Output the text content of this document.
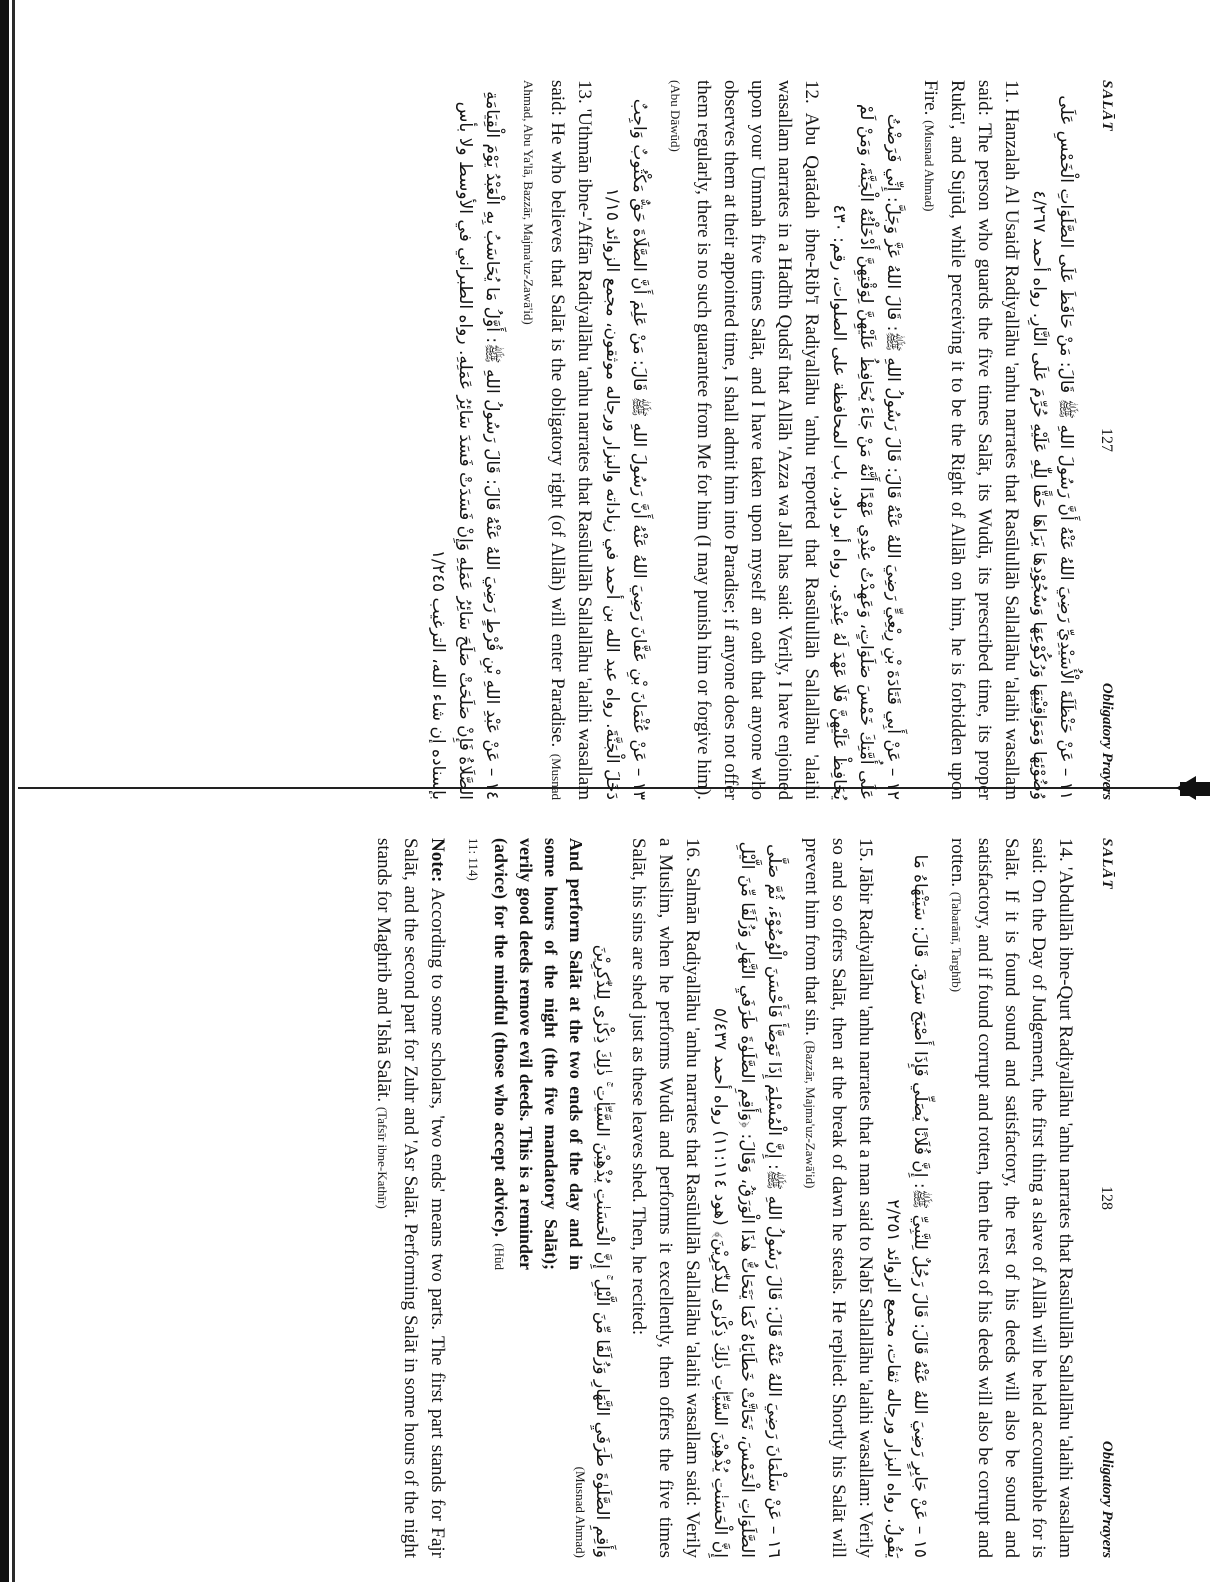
SALĀT
127
Obligatory Prayers

١١ – عَنْ حَنْظَلَةَ الْأُسَيْدِيِّ رَضِيَ اللهُ عَنْهُ أَنَّ رَسُولَ اللهِ ﷺ قَالَ: مَنْ حَافَظَ عَلَى الصَّلَوَاتِ الْخَمْسِ عَلَى وُضُوْئِهَا وَمَوَاقِيْتِهَا وَرُكُوْعِهَا وَسُجُوْدِهَا يَرَاهَا حَقًّا لِلّٰهِ عَلَيْهِ حُرِّمَ عَلَى النَّارِ. رواه أحمد ٤/٢٦٧

11. Hanzalah Al Usaidī Radiyallāhu 'anhu narrates that Rasūlullāh Sallallāhu 'alaihi wasallam said: The person who guards the five times Salāt, its Wudū, its prescribed time, its proper Rukū', and Sujūd, while perceiving it to be the Right of Allāh on him, he is forbidden upon Fire. (Musnad Ahmad)

١٢ – عَنْ أَبِي قَتَادَةَ بْنِ رِبْعِيٍّ رَضِيَ اللهُ عَنْهُ قَالَ: قَالَ رَسُولُ اللهِ ﷺ: قَالَ اللهُ عَزَّ وَجَلَّ: إِنِّي فَرَضْتُ عَلَى أُمَّتِكَ خَمْسَ صَلَوَاتٍ، وَعَهِدْتُ عِنْدِي عَهْدًا أَنَّهُ مَنْ جَاءَ يُحَافِظُ عَلَيْهِنَّ لِوَقْتِهِنَّ أَدْخَلْتُهُ الْجَنَّةَ، وَمَنْ لَمْ يُحَافِظْ عَلَيْهِنَّ فَلَا عَهْدَ لَهُ عِنْدِي. رواه أبو داود، باب المحافظة على الصلوات، رقم: ٤٣٠

12. Abu Qatādah ibne-Rib'ī Radiyallāhu 'anhu reported that Rasūlullāh Sallallāhu 'alaihi wasallam narrates in a Hadīth Qudsī that Allāh 'Azza wa Jall has said: Verily, I have enjoined upon your Ummah five times Salāt, and I have taken upon myself an oath that anyone who observes them at their appointed time, I shall admit him into Paradise; if anyone does not offer them regularly, there is no such guarantee from Me for him (I may punish him or forgive him). (Abu Dāwūd)

١٣ – عَنْ عُثْمَانَ بْنِ عَفَّانَ رَضِيَ اللهُ عَنْهُ أَنَّ رَسُولَ اللهِ ﷺ قَالَ: مَنْ عَلِمَ أَنَّ الصَّلَاةَ حَقٌّ مَكْتُوبٌ وَاجِبٌ دَخَلَ الْجَنَّةَ. رواه عبد الله بن أحمد في زياداته والبزار ورجاله موثقون، مجمع الزوائد ١/١٥

13. 'Uthmān ibne-'Affān Radiyallāhu 'anhu narrates that Rasūlullāh Sallallāhu 'alaihi wasallam said: He who believes that Salāt is the obligatory right (of Allāh) will enter Paradise. (Musnad Ahmad, Abu Ya'lā, Bazzār, Majma'uz-Zawā'id)

١٤ – عَنْ عَبْدِ اللهِ بْنِ قُرْطٍ رَضِيَ اللهُ عَنْهُ قَالَ: قَالَ رَسُولُ اللهِ ﷺ: أَوَّلُ مَا يُحَاسَبُ بِهِ الْعَبْدُ يَوْمَ الْقِيَامَةِ الصَّلَاةُ فَإِنْ صَلَحَتْ صَلَحَ سَائِرُ عَمَلِهِ وَإِنْ فَسَدَتْ فَسَدَ سَائِرُ عَمَلِهِ. رواه الطبراني في الأوسط ولا بأس بإسناده إن شاء الله، الترغيب ١/٢٤٥

SALĀT
128
Obligatory Prayers

14. 'Abdullāh ibne-Qurt Radiyallāhu 'anhu narrates that Rasūlullāh Sallallāhu 'alaihi wasallam said: On the Day of Judgement, the first thing a slave of Allāh will be held accountable for is Salāt. If it is found sound and satisfactory, the rest of his deeds will also be sound and satisfactory, and if found corrupt and rotten, then the rest of his deeds will also be corrupt and rotten. (Tabarānī, Targhīb)

١٥ – عَنْ جَابِرٍ رَضِيَ اللهُ عَنْهُ قَالَ: قَالَ رَجُلٌ لِلنَّبِيِّ ﷺ: إِنَّ فُلَانًا يُصَلِّي فَإِذَا أَصْبَحَ سَرَقَ. قَالَ: سَيَنْهَاهُ مَا يَقُولُ. رواه البزار ورجاله ثقات، مجمع الزوائد ٢/٢٥١

15. Jābir Radiyallāhu 'anhu narrates that a man said to Nabī Sallallāhu 'alaihi wasallam: Verily so and so offers Salāt, then at the break of dawn he steals. He replied: Shortly his Salāt will prevent him from that sin. (Bazzār, Majma'uz-Zawā'id)

١٦ – عَنْ سَلْمَانَ رَضِيَ اللهُ عَنْهُ قَالَ: قَالَ رَسُولُ اللهِ ﷺ: إِنَّ الْمُسْلِمَ إِذَا تَوَضَّأَ فَأَحْسَنَ الْوُضُوْءَ، ثُمَّ صَلَّى الصَّلَوَاتِ الْخَمْسَ، تَحَاتَّتْ خَطَايَاهُ كَمَا يَتَحَاتُّ هٰذَا الْوَرَقُ، وَقَالَ: ﴿وَأَقِمِ الصَّلَوٰةَ طَرَفَيِ النَّهَارِ وَزُلَفًا مِّنَ الَّيْلِ إِنَّ الْحَسَنٰتِ يُذْهِبْنَ السَّيِّاٰتِ ذٰلِكَ ذِكْرٰى لِلذّٰكِرِيْنَ﴾ (هود ١١:١١٤) رواه أحمد ٥/٤٣٧

16. Salmān Radiyallāhu 'anhu narrates that Rasūlullāh Sallallāhu 'alaihi wasallam said: Verily a Muslim, when he performs Wudū and performs it excellently, then offers the five times Salāt, his sins are shed just as these leaves shed. Then, he recited:

وَأَقِمِ الصَّلَوٰةَ طَرَفَيِ النَّهَارِ وَزُلَفًا مِّنَ الَّيْلِ ۚ إِنَّ الْحَسَنٰتِ يُذْهِبْنَ السَّيِّاٰتِ ۚ ذٰلِكَ ذِكْرٰى لِلذّٰكِرِيْنَ

And perform Salāt at the two ends of the day and in some hours of the night (the five mandatory Salāt); verily good deeds remove evil deeds. This is a reminder (advice) for the mindful (those who accept advice). (Hūd 11: 114)

(Musnad Ahmad)

Note: According to some scholars, 'two ends' means two parts. The first part stands for Fajr Salāt, and the second part for Zuhr and 'Asr Salāt. Performing Salāt in some hours of the night stands for Maghrib and 'Ishā Salāt. (Tafsīr ibne-Kathīr)
